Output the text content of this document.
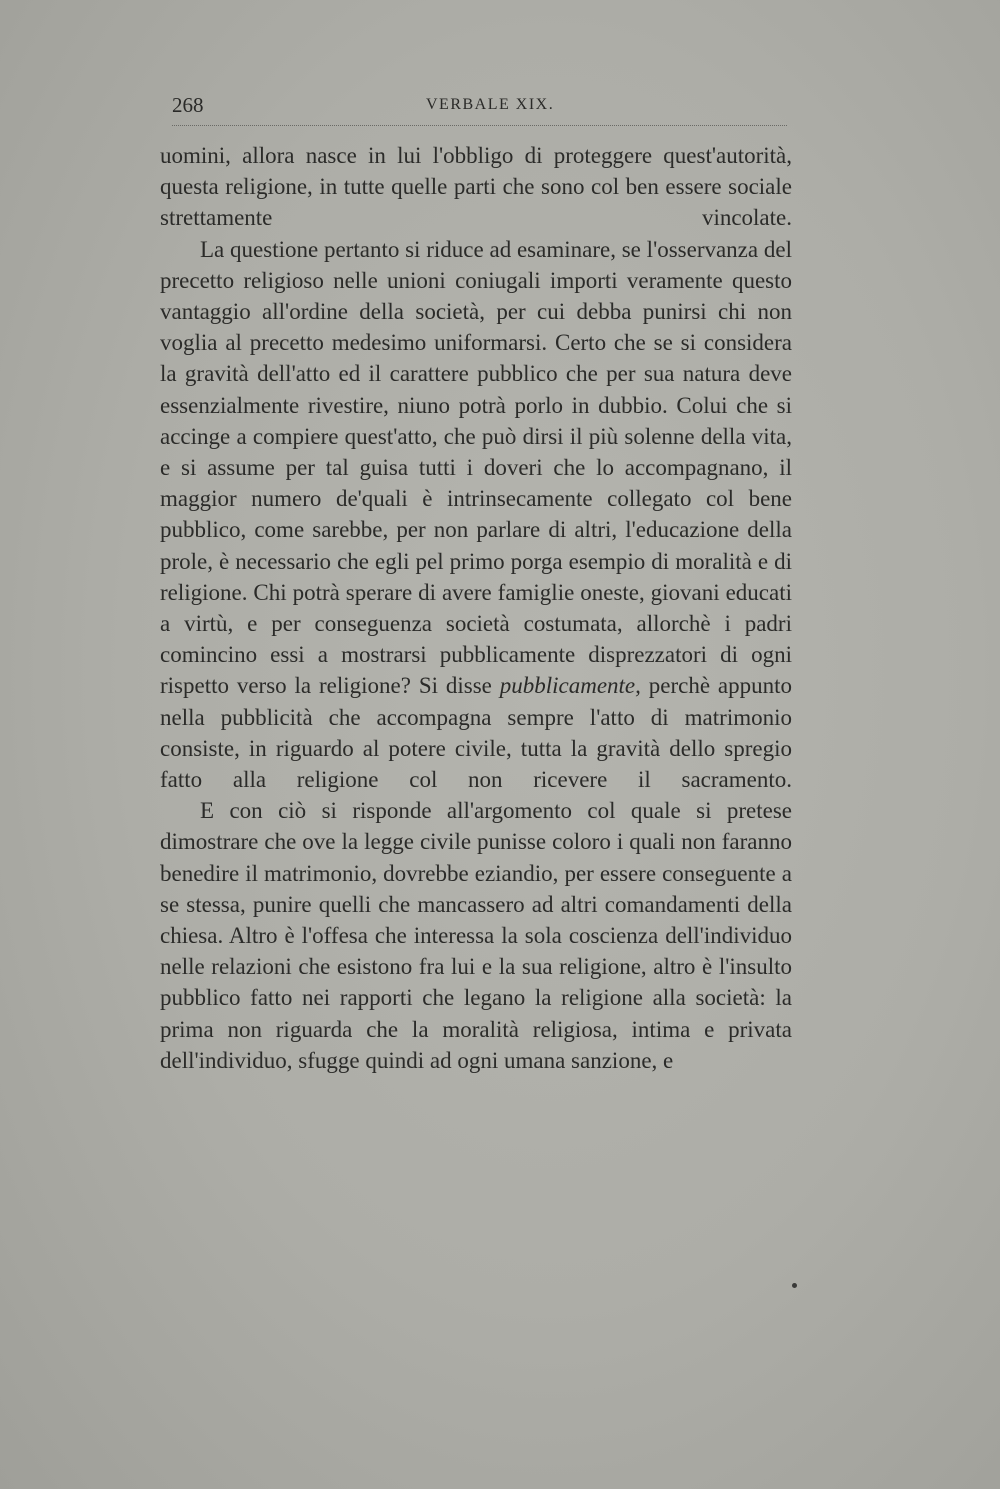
268	VERBALE XIX.

uomini, allora nasce in lui l'obbligo di proteggere quest'autorità, questa religione, in tutte quelle parti che sono col ben essere sociale strettamente vincolate.

La questione pertanto si riduce ad esaminare, se l'osservanza del precetto religioso nelle unioni coniugali importi veramente questo vantaggio all'ordine della società, per cui debba punirsi chi non voglia al precetto medesimo uniformarsi. Certo che se si considera la gravità dell'atto ed il carattere pubblico che per sua natura deve essenzialmente rivestire, niuno potrà porlo in dubbio. Colui che si accinge a compiere quest'atto, che può dirsi il più solenne della vita, e si assume per tal guisa tutti i doveri che lo accompagnano, il maggior numero de'quali è intrinsecamente collegato col bene pubblico, come sarebbe, per non parlare di altri, l'educazione della prole, è necessario che egli pel primo porga esempio di moralità e di religione. Chi potrà sperare di avere famiglie oneste, giovani educati a virtù, e per conseguenza società costumata, allorchè i padri comincino essi a mostrarsi pubblicamente disprezzatori di ogni rispetto verso la religione? Si disse pubblicamente, perchè appunto nella pubblicità che accompagna sempre l'atto di matrimonio consiste, in riguardo al potere civile, tutta la gravità dello spregio fatto alla religione col non ricevere il sacramento.

E con ciò si risponde all'argomento col quale si pretese dimostrare che ove la legge civile punisse coloro i quali non faranno benedire il matrimonio, dovrebbe eziandio, per essere conseguente a se stessa, punire quelli che mancassero ad altri comandamenti della chiesa. Altro è l'offesa che interessa la sola coscienza dell'individuo nelle relazioni che esistono fra lui e la sua religione, altro è l'insulto pubblico fatto nei rapporti che legano la religione alla società: la prima non riguarda che la moralità religiosa, intima e privata dell'individuo, sfugge quindi ad ogni umana sanzione, e
